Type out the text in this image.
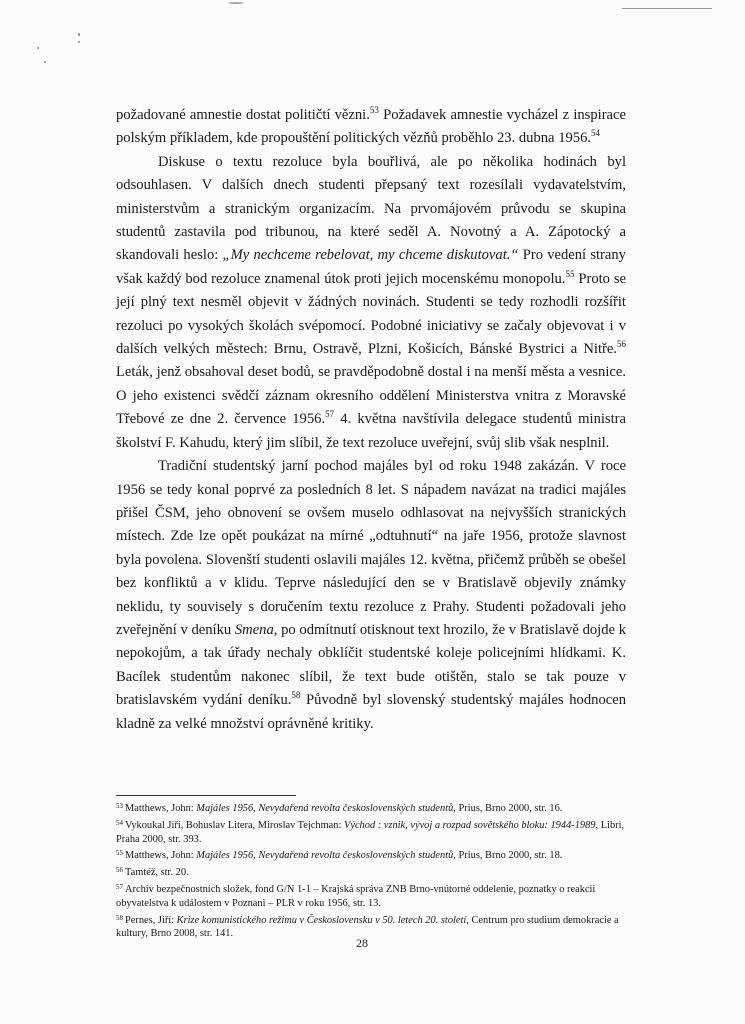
požadované amnestie dostat političtí vězni.$^{53}$ Požadavek amnestie vycházel z inspirace polským příkladem, kde propouštění politických vězňů proběhlo 23. dubna 1956.54

Diskuse o textu rezoluce byla bouřlivá, ale po několika hodinách byl odsouhlasen. V dalších dnech studenti přepsaný text rozesílali vydavatelstvím, ministerstvům a stranickým organizacím. Na prvomájovém průvodu se skupina studentů zastavila pod tribunou, na které seděl A. Novotný a A. Zápotocký a skandovali heslo: „My nechceme rebelovat, my chceme diskutovat.“ Pro vedení strany však každý bod rezoluce znamenal útok proti jejich mocenskému monopolu.$^{55}$ Proto se její plný text nesměl objevit v žádných novinách. Studenti se tedy rozhodli rozšířit rezoluci po vysokých školách svépomocí. Podobné iniciativy se začaly objevovat i v dalších velkých městech: Brnu, Ostravě, Plzni, Košicích, Bánské Bystrici a Nitře.$^{56}$ Leták, jenž obsahoval deset bodů, se pravděpodobně dostal i na menší města a vesnice. O jeho existenci svědčí záznam okresního oddělení Ministerstva vnitra z Moravské Třebové ze dne 2. července 1956.57 4. května navštívila delegace studentů ministra školství F. Kahudu, který jim slíbil, že text rezoluce uveřejní, svůj slib však nesplnil.

Tradiční studentský jarní pochod majáles byl od roku 1948 zakázán. V roce 1956 se tedy konal poprvé za posledních 8 let. S nápadem navázat na tradici majáles přišel ČSM, jeho obnovení se ovšem muselo odhlasovat na nejvyšších stranických místech. Zde lze opět poukázat na mírné „odtuhnutí“ na jaře 1956, protože slavnost byla povolena. Slovenští studenti oslavili majáles 12. května, přičemž průběh se obešel bez konfliktů a v klidu. Teprve následující den se v Bratislavě objevily známky neklidu, ty souvisely s doručením textu rezoluce z Prahy. Studenti požadovali jeho zveřejnění v deníku Smena, po odmítnutí otisknout text hrozilo, že v Bratislavě dojde k nepokojům, a tak úřady nechaly obklíčit studentské koleje policejními hlídkami. K. Bacílek studentům nakonec slíbil, že text bude otištěn, stalo se tak pouze v bratislavském vydání deníku.$^{58}$ Původně byl slovenský studentský majáles hodnocen kladně za velké množství oprávněné kritiky.

$^{53}$ Matthews, John: Majáles 1956, Nevydařená revolta československých studentů, Prius, Brno 2000, str. 16.
$^{54}$ Vykoukal Jiří, Bohuslav Litera, Miroslav Tejchman: Východ : vznik, vývoj a rozpad sovětského bloku: 1944-1989, Libri, Praha 2000, str. 393.
$^{55}$ Matthews, John: Majáles 1956, Nevydařená revolta československých studentů, Prius, Brno 2000, str. 18.
$^{56}$ Tamtéž, str. 20.
$^{57}$ Archiv bezpečnostních složek, fond G/N 1-1 – Krajská správa ZNB Brno-vnútorné oddelenie, poznatky o reakcii obyvatelstva k událostem v Poznani – PLR v roku 1956, str. 13.
$^{58}$ Pernes, Jiří: Krize komunistického režimu v Československu v 50. letech 20. století, Centrum pro studium demokracie a kultury, Brno 2008, str. 141.
28
